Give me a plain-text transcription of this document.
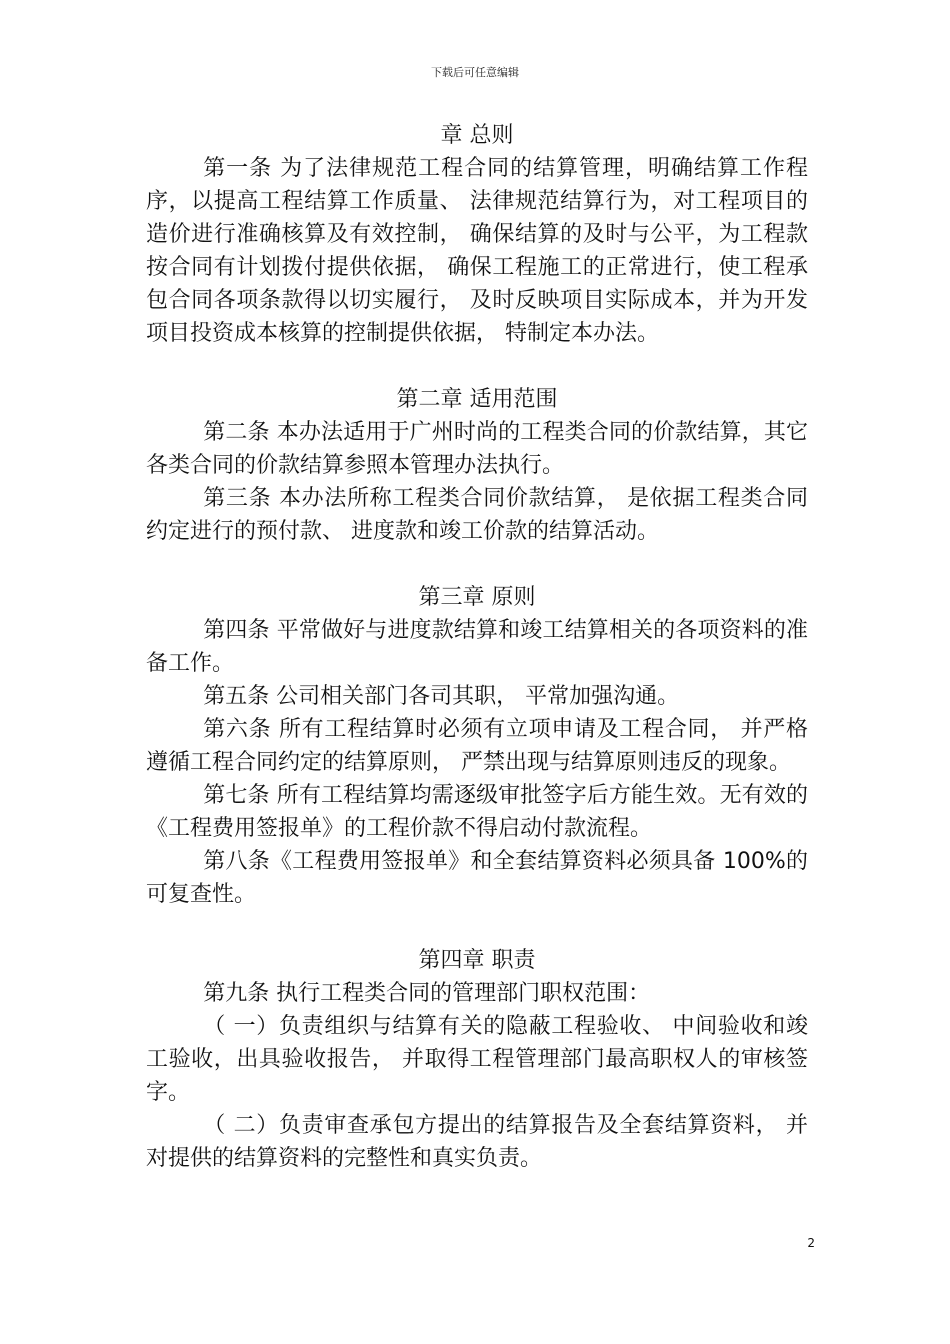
下载后可任意编辑

章 总则

第一条 为了法律规范工程合同的结算管理，明确结算工作程序，以提高工程结算工作质量、 法律规范结算行为，对工程项目的造价进行准确核算及有效控制， 确保结算的及时与公平，为工程款按合同有计划拨付提供依据， 确保工程施工的正常进行，使工程承包合同各项条款得以切实履行， 及时反映项目实际成本，并为开发项目投资成本核算的控制提供依据， 特制定本办法。

第二章 适用范围

第二条 本办法适用于广州时尚的工程类合同的价款结算，其它各类合同的价款结算参照本管理办法执行。

第三条 本办法所称工程类合同价款结算， 是依据工程类合同约定进行的预付款、 进度款和竣工价款的结算活动。

第三章 原则

第四条 平常做好与进度款结算和竣工结算相关的各项资料的准备工作。

第五条 公司相关部门各司其职， 平常加强沟通。

第六条 所有工程结算时必须有立项申请及工程合同， 并严格遵循工程合同约定的结算原则， 严禁出现与结算原则违反的现象。

第七条 所有工程结算均需逐级审批签字后方能生效。无有效的《工程费用签报单》的工程价款不得启动付款流程。

第八条《工程费用签报单》和全套结算资料必须具备 100%的可复查性。

第四章 职责

第九条 执行工程类合同的管理部门职权范围：

（ 一）负责组织与结算有关的隐蔽工程验收、 中间验收和竣工验收，出具验收报告， 并取得工程管理部门最高职权人的审核签字。

（ 二）负责审查承包方提出的结算报告及全套结算资料， 并对提供的结算资料的完整性和真实负责。

2
